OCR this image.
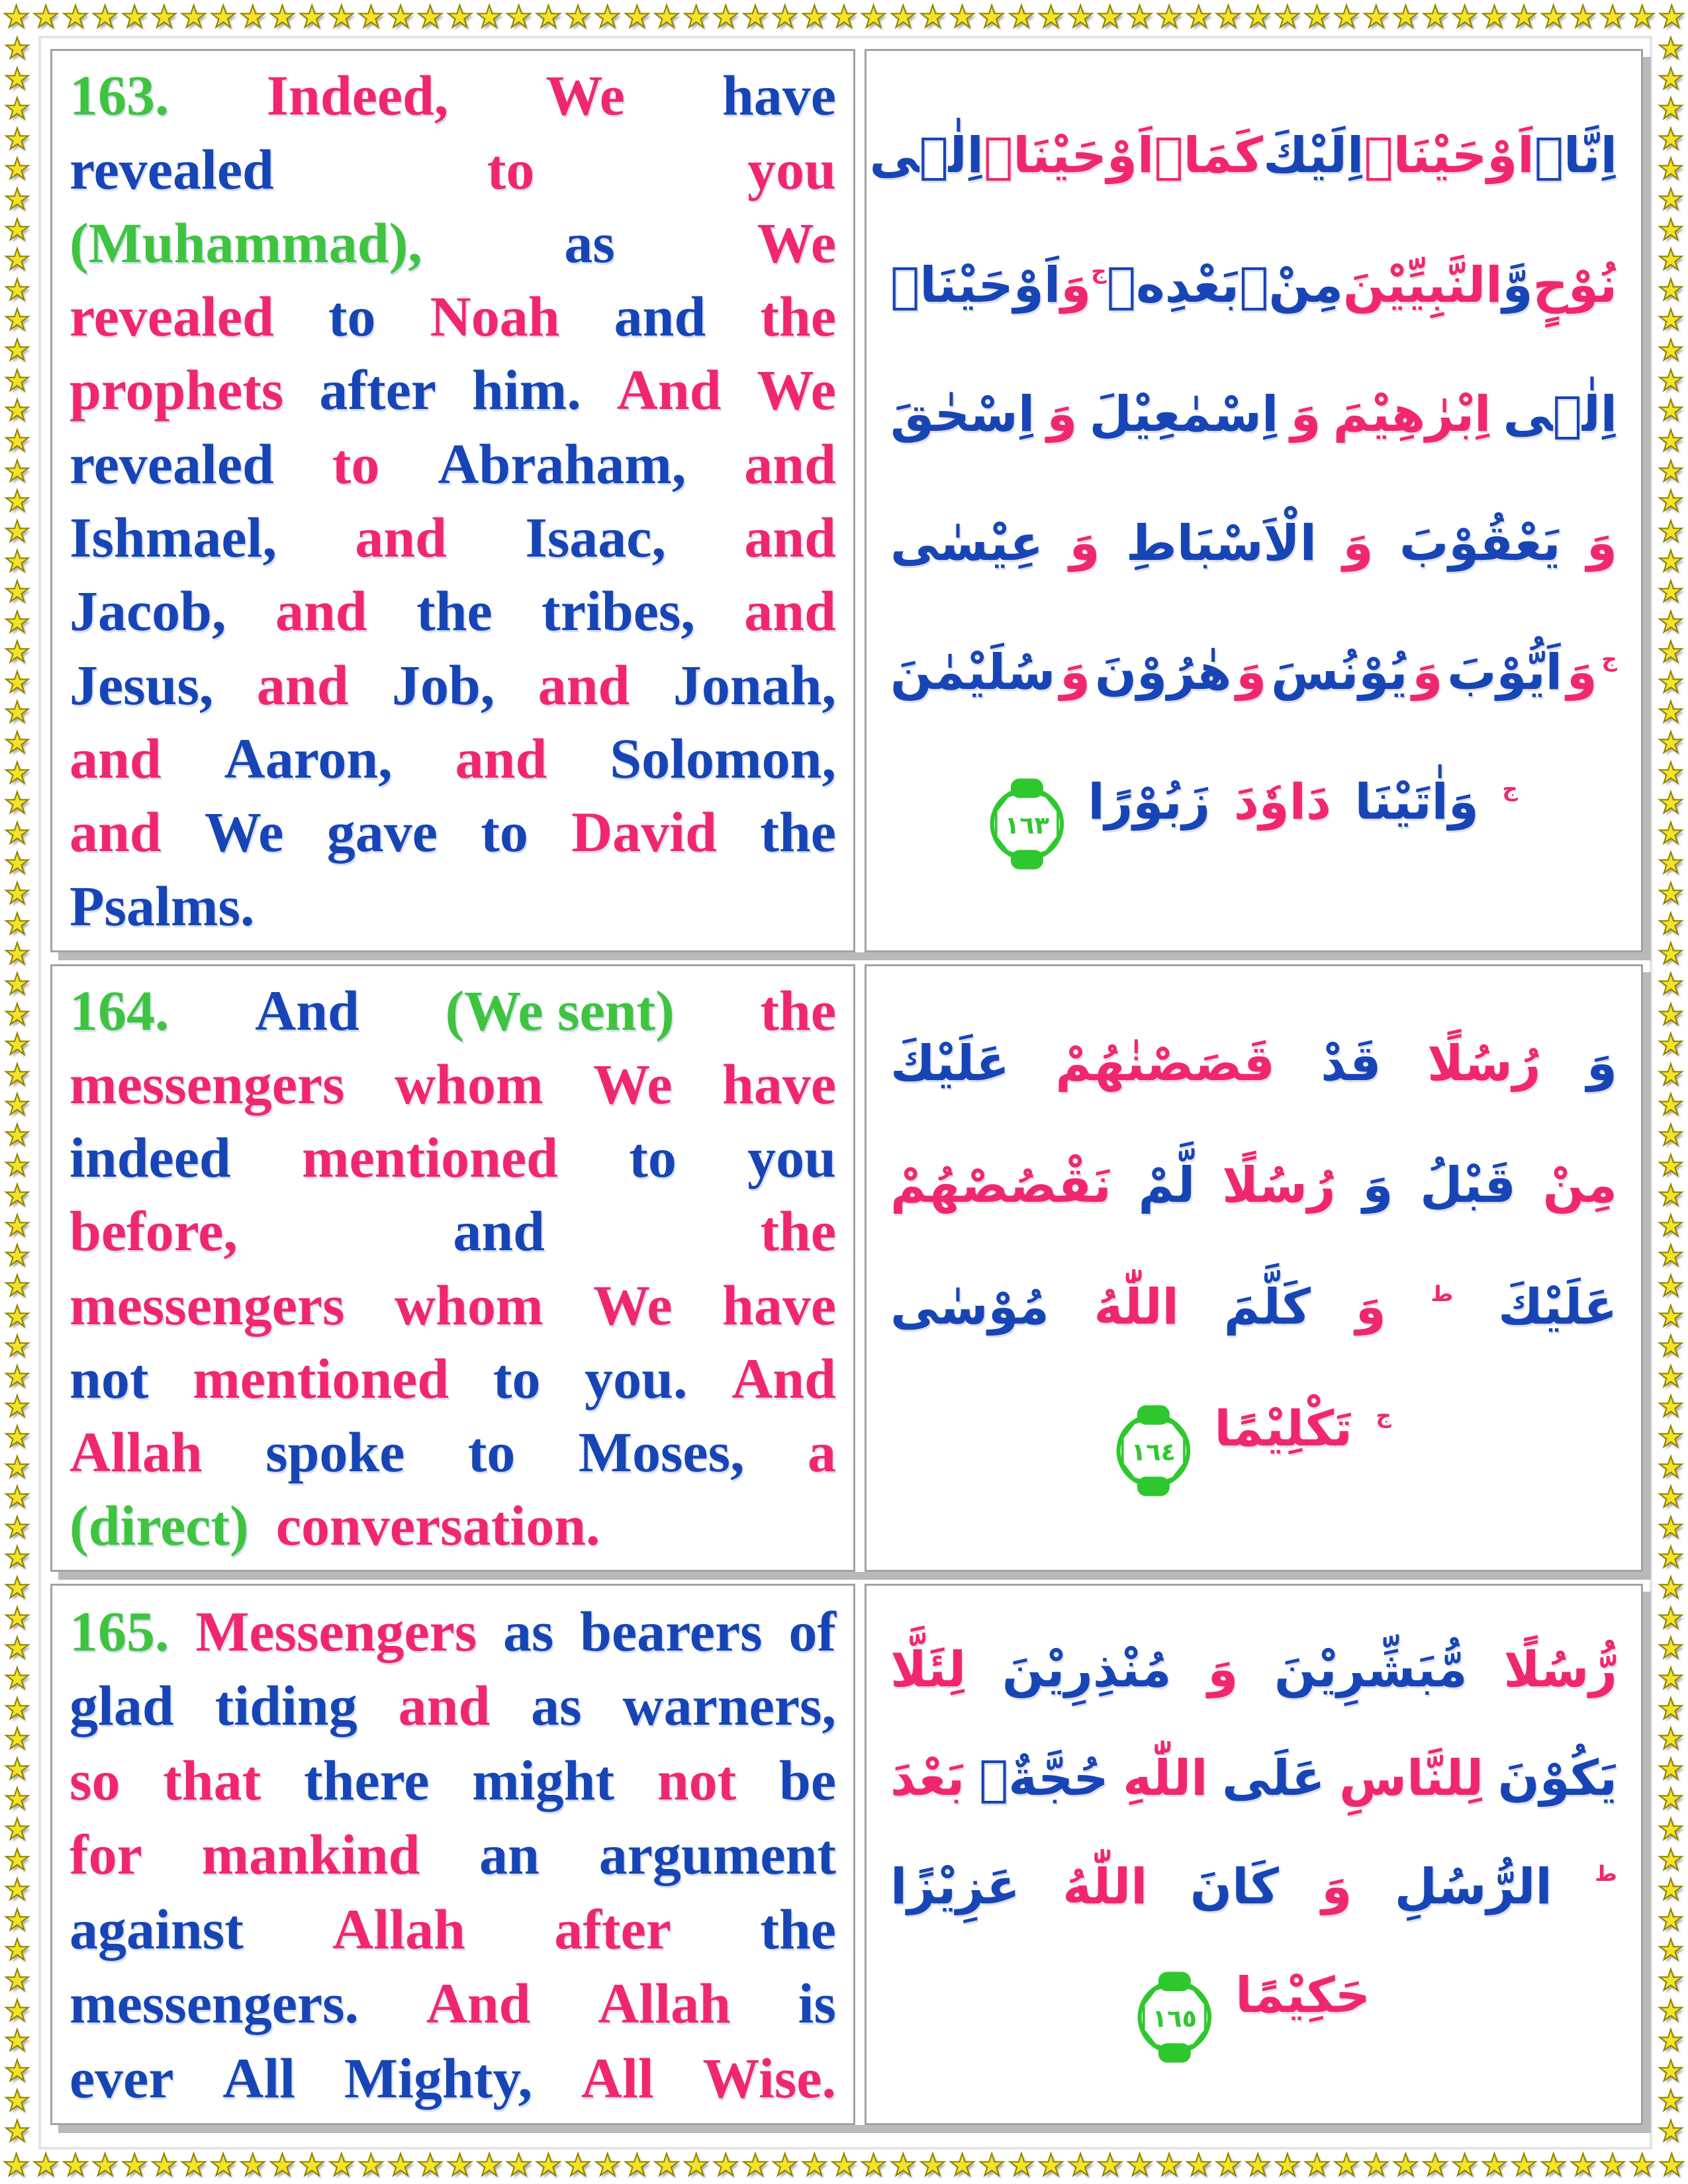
★ ★ ★ ★ ★ ★ ★ ★ ★ ★ ★ ★ ★ ★ ★ ★ ★ ★ ★ ★ ★ ★ ★ ★ ★ ★ ★ ★ ★ ★ ★ ★ ★ ★ ★ ★ ★ ★ ★ ★ ★ ★ ★ ★ ★ ★ ★ ★ ★ ★ ★ ★ ★ ★ ★ ★ ★
★ ★ ★ ★ ★ ★ ★ ★ ★ ★ ★ ★ ★ ★ ★ ★ ★ ★ ★ ★ ★ ★ ★ ★ ★ ★ ★ ★ ★ ★ ★ ★ ★ ★ ★ ★ ★ ★ ★ ★ ★ ★ ★ ★ ★ ★ ★ ★ ★ ★ ★ ★ ★ ★ ★ ★ ★
★
★
★
★
★
★
★
★
★
★
★
★
★
★
★
★
★
★
★
★
★
★
★
★
★
★
★
★
★
★
★
★
★
★
★
★
★
★
★
★
★
★
★
★
★
★
★
★
★
★
★
★
★
★
★
★
★
★
★
★
★
★
★
★
★
★
★
★
★
★
★
★
★
★
★
★
★
★
★
★
★
★
★
★
★
★
★
★
★
★
★
★
★
★
★
★
★
★
★
★
★
★
★
★
★
★
★
★
★
★
★
★
★
★
★
★
★
★
★
★
★
★
★
★
★
★
★
★
★
★
★
★
★
★
★
★
★
★
★
★
163. Indeed, We have
revealed	to	you
(Muhammad), as We
revealed to Noah and the
prophets after him. And We
revealed to Abraham, and
Ishmael, and Isaac, and
Jacob, and the tribes, and
Jesus, and Job, and Jonah,
and Aaron, and Solomon,
and We gave to David the
Psalms.
اِنَّاۤ
اَوْحَيْنَاۤ
اِلَيْكَ
كَمَاۤ
اَوْحَيْنَاۤ
اِلٰۤى
نُوْحٍ
وَّ
النَّبِيِّيْنَ
مِنْۢ
بَعْدِهٖ
ج
وَ
اَوْحَيْنَاۤ
اِلٰۤى
اِبْرٰهِيْمَ
وَ
اِسْمٰعِيْلَ
وَ
اِسْحٰقَ
وَ
يَعْقُوْبَ
وَ
الْاَسْبَاطِ
وَ
عِيْسٰى
ج
وَ
اَيُّوْبَ
وَ
يُوْنُسَ
وَ
هٰرُوْنَ
وَ
سُلَيْمٰنَ
ج
وَاٰتَيْنَا
دَاوٗدَ
زَبُوْرًا
١٦٣
164. And (We sent) the
messengers whom We have
indeed mentioned to you
before,	and	the
messengers whom We have
not mentioned to you. And
Allah spoke to Moses, a
(direct) conversation.
وَ
رُسُلًا
قَدْ
قَصَصْنٰهُمْ
عَلَيْكَ
مِنْ
قَبْلُ
وَ
رُسُلًا
لَّمْ
نَقْصُصْهُمْ
عَلَيْكَ
ط
وَ
كَلَّمَ
اللّٰهُ
مُوْسٰى
ج
تَكْلِيْمًا
١٦٤
165. Messengers as bearers of
glad tiding and as warners,
so that there might not be
for mankind an argument
against Allah after the
messengers. And Allah is
ever All Mighty, All Wise.
رُّسُلًا
مُّبَشِّرِيْنَ
وَ
مُنْذِرِيْنَ
لِئَلَّا
يَكُوْنَ
لِلنَّاسِ
عَلَى
اللّٰهِ
حُجَّةٌۢ
بَعْدَ
ط
الرُّسُلِ
وَ
كَانَ
اللّٰهُ
عَزِيْزًا
حَكِيْمًا
١٦٥
